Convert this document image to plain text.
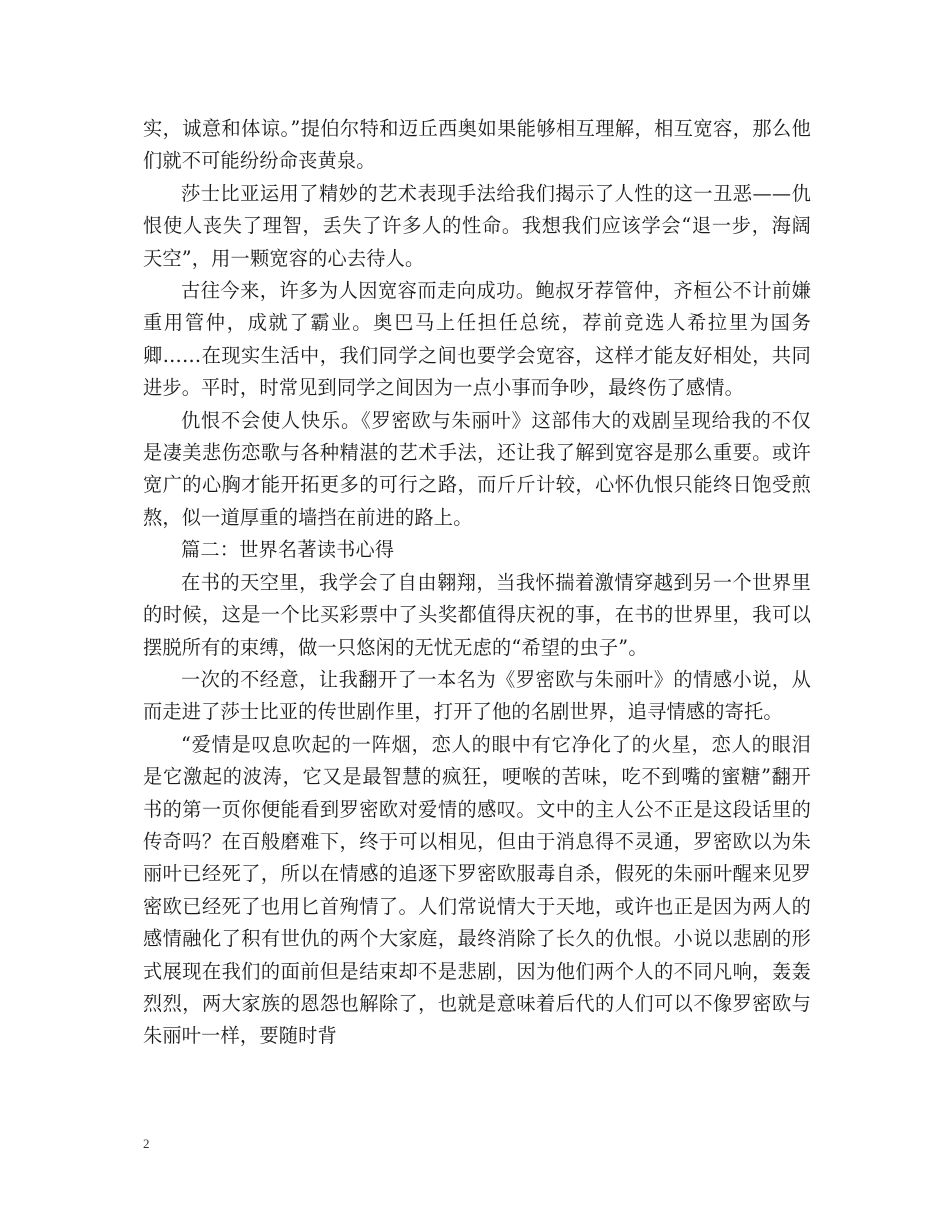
实，诚意和体谅。”提伯尔特和迈丘西奥如果能够相互理解，相互宽容，那么他们就不可能纷纷命丧黄泉。

莎士比亚运用了精妙的艺术表现手法给我们揭示了人性的这一丑恶——仇恨使人丧失了理智，丢失了许多人的性命。我想我们应该学会“退一步，海阔天空”，用一颗宽容的心去待人。

古往今来，许多为人因宽容而走向成功。鲍叔牙荐管仲，齐桓公不计前嫌重用管仲，成就了霸业。奥巴马上任担任总统，荐前竞选人希拉里为国务卿……在现实生活中，我们同学之间也要学会宽容，这样才能友好相处，共同进步。平时，时常见到同学之间因为一点小事而争吵，最终伤了感情。

仇恨不会使人快乐。《罗密欧与朱丽叶》这部伟大的戏剧呈现给我的不仅是凄美悲伤恋歌与各种精湛的艺术手法，还让我了解到宽容是那么重要。或许宽广的心胸才能开拓更多的可行之路，而斤斤计较，心怀仇恨只能终日饱受煎熬，似一道厚重的墙挡在前进的路上。

篇二：世界名著读书心得

在书的天空里，我学会了自由翱翔，当我怀揣着激情穿越到另一个世界里的时候，这是一个比买彩票中了头奖都值得庆祝的事，在书的世界里，我可以摆脱所有的束缚，做一只悠闲的无忧无虑的“希望的虫子”。

一次的不经意，让我翻开了一本名为《罗密欧与朱丽叶》的情感小说，从而走进了莎士比亚的传世剧作里，打开了他的名剧世界，追寻情感的寄托。

“爱情是叹息吹起的一阵烟，恋人的眼中有它净化了的火星，恋人的眼泪是它激起的波涛，它又是最智慧的疯狂，哽喉的苦味，吃不到嘴的蜜糖”翻开书的第一页你便能看到罗密欧对爱情的感叹。文中的主人公不正是这段话里的传奇吗？在百般磨难下，终于可以相见，但由于消息得不灵通，罗密欧以为朱丽叶已经死了，所以在情感的追逐下罗密欧服毒自杀，假死的朱丽叶醒来见罗密欧已经死了也用匕首殉情了。人们常说情大于天地，或许也正是因为两人的感情融化了积有世仇的两个大家庭，最终消除了长久的仇恨。小说以悲剧的形式展现在我们的面前但是结束却不是悲剧，因为他们两个人的不同凡响，轰轰烈烈，两大家族的恩怨也解除了，也就是意味着后代的人们可以不像罗密欧与朱丽叶一样，要随时背

2
